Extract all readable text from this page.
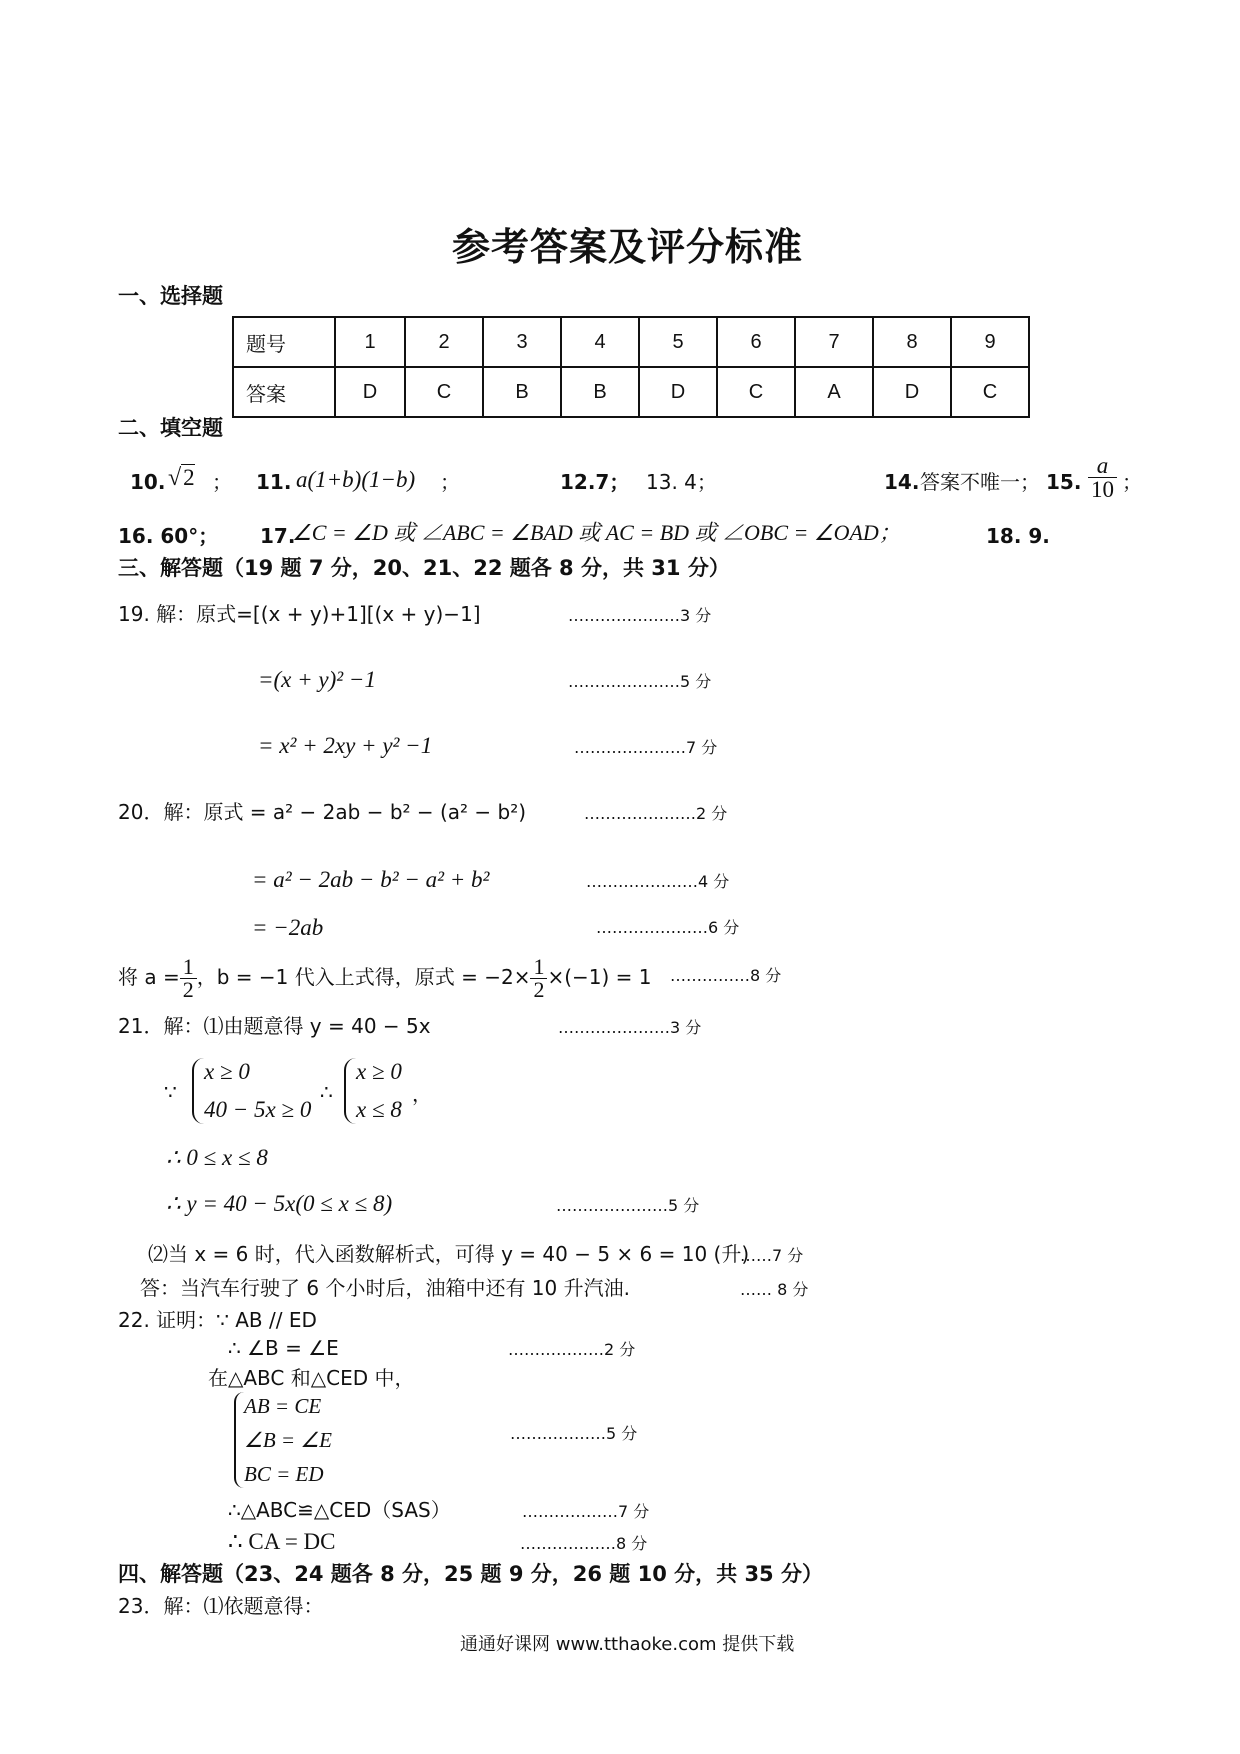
参考答案及评分标准
一、选择题
题号	1	2	3	4	5	6	7	8	9
答案	D	C	B	B	D	C	A	D	C
二、填空题
10. √2 ； 11. a(1+b)(1−b) ；	12.7； 13. 4；	14. 答案不唯一； 15. $\frac{a}{10}$ ；
16. 60°； 17.
∠C = ∠D 或 ∠ABC = ∠BAD 或 AC = BD 或 ∠OBC = ∠OAD；	18. 9.
三、解答题（19 题 7 分，20、21、22 题各 8 分，共 31 分）
19. 解：原式=[(x + y)+1][(x + y)−1]	…………………3 分
=(x + y)² −1	…………………5 分
= x² + 2xy + y² −1	…………………7 分
20．解：原式 = a² − 2ab − b² − (a² − b²)	…………………2 分
= a² − 2ab − b² − a² + b²	…………………4 分
= −2ab	…………………6 分
将 $a = \frac{1}{2}$ ，b = −1 代入上式得，原式 = $-2\times \frac{1}{2} \times(-1) = 1$ ……………8 分
21．解：⑴由题意得 y = 40 − 5x	…………………3 分
∵
x ≥ 0
40 − 5x ≥ 0
∴
x ≥ 0
x ≤ 8
，
∴ 0 ≤ x ≤ 8
∴ y = 40 − 5x(0 ≤ x ≤ 8)	…………………5 分
⑵当 x = 6 时，代入函数解析式，可得 y = 40 − 5 × 6 = 10 (升)
……7 分
答：当汽车行驶了 6 个小时后，油箱中还有 10 升汽油.	…… 8 分
22. 证明：∵ AB // ED
∴ ∠B = ∠E	………………2 分
在△ABC 和△CED 中，
AB = CE
∠B = ∠E
BC = ED
………………5 分
∴△ABC≌△CED（SAS）	………………7 分
∴ CA = DC	………………8 分
四、解答题（23、24 题各 8 分，25 题 9 分，26 题 10 分，共 35 分）
23．解：⑴依题意得：
通通好课网 www.tthaoke.com 提供下载
